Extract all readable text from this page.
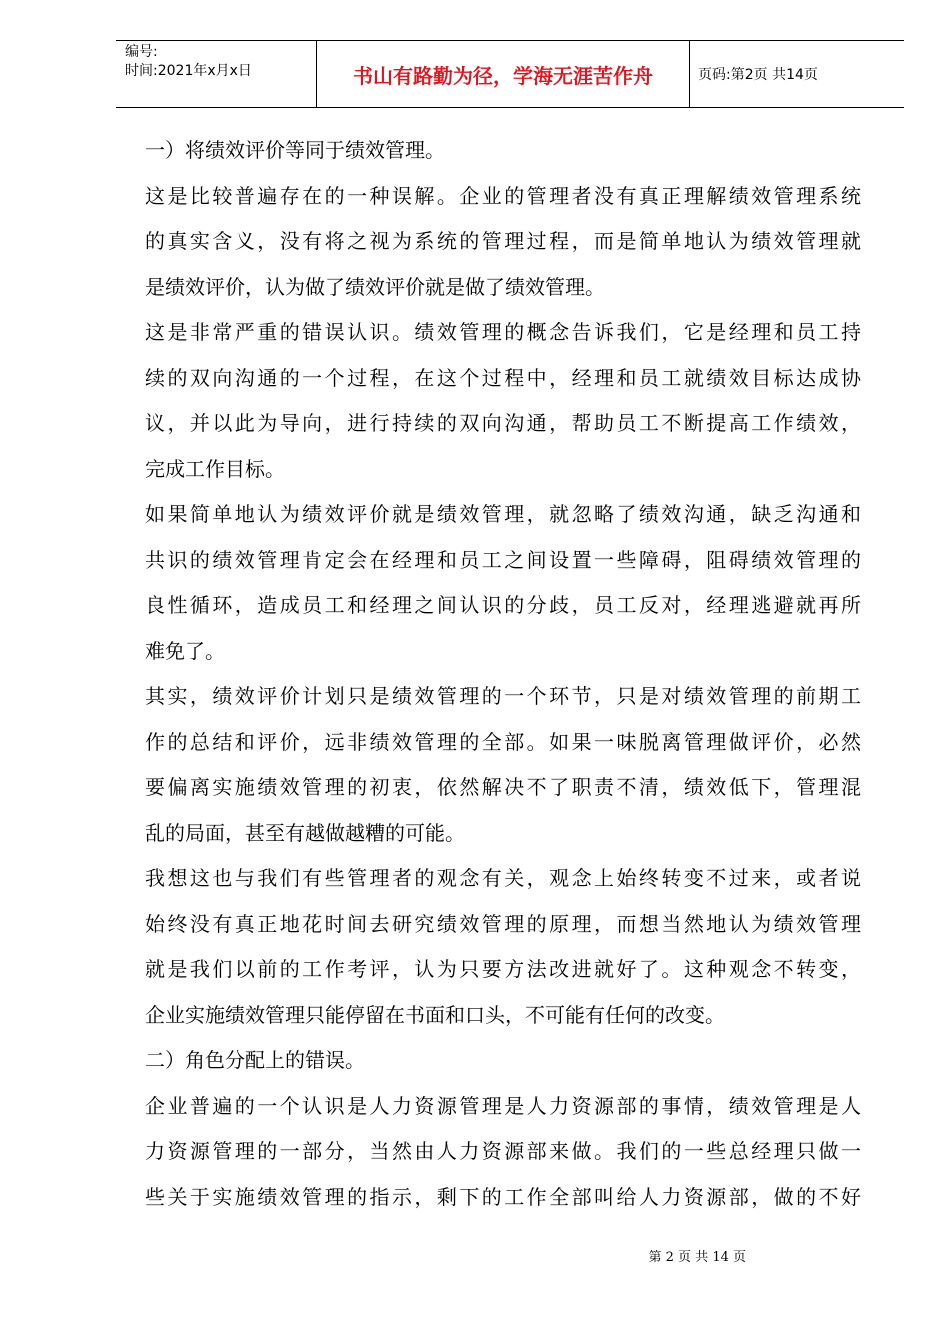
编号:
时间:2021年x月x日	书山有路勤为径，学海无涯苦作舟	页码:第2页 共14页
一）将绩效评价等同于绩效管理。
这是比较普遍存在的一种误解。企业的管理者没有真正理解绩效管理系统
的真实含义，没有将之视为系统的管理过程，而是简单地认为绩效管理就
是绩效评价，认为做了绩效评价就是做了绩效管理。
这是非常严重的错误认识。绩效管理的概念告诉我们，它是经理和员工持
续的双向沟通的一个过程，在这个过程中，经理和员工就绩效目标达成协
议，并以此为导向，进行持续的双向沟通，帮助员工不断提高工作绩效，
完成工作目标。
如果简单地认为绩效评价就是绩效管理，就忽略了绩效沟通，缺乏沟通和
共识的绩效管理肯定会在经理和员工之间设置一些障碍，阻碍绩效管理的
良性循环，造成员工和经理之间认识的分歧，员工反对，经理逃避就再所
难免了。
其实，绩效评价计划只是绩效管理的一个环节，只是对绩效管理的前期工
作的总结和评价，远非绩效管理的全部。如果一味脱离管理做评价，必然
要偏离实施绩效管理的初衷，依然解决不了职责不清，绩效低下，管理混
乱的局面，甚至有越做越糟的可能。
我想这也与我们有些管理者的观念有关，观念上始终转变不过来，或者说
始终没有真正地花时间去研究绩效管理的原理，而想当然地认为绩效管理
就是我们以前的工作考评，认为只要方法改进就好了。这种观念不转变，
企业实施绩效管理只能停留在书面和口头，不可能有任何的改变。
二）角色分配上的错误。
企业普遍的一个认识是人力资源管理是人力资源部的事情，绩效管理是人
力资源管理的一部分，当然由人力资源部来做。我们的一些总经理只做一
些关于实施绩效管理的指示，剩下的工作全部叫给人力资源部，做的不好
第 2 页 共 14 页
